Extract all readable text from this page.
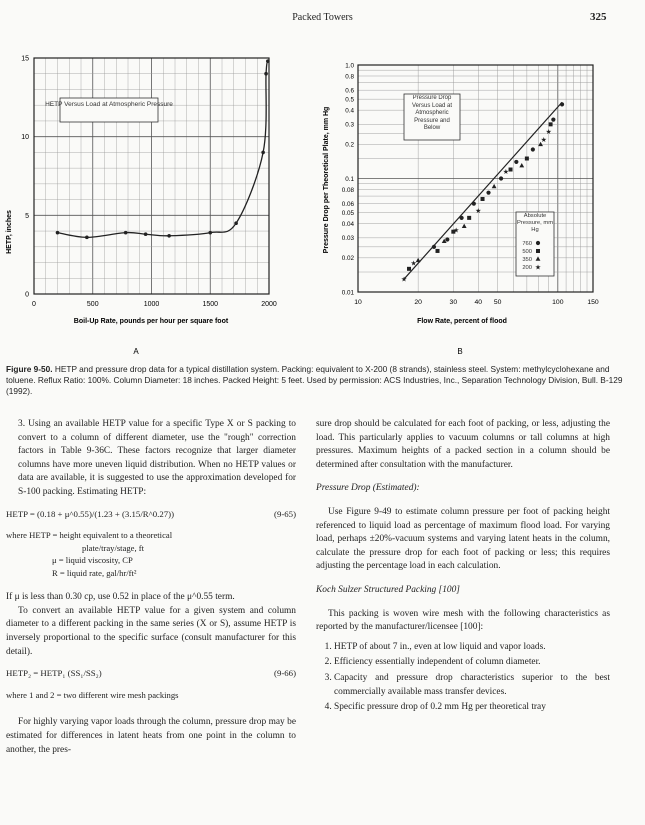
Packed Towers	325
HETP Versus Load at Atmospheric Pressure
0	500	1000	1500	2000
0
5
10
15
HETP, inches
Boil-Up Rate, pounds per hour per square foot
A
Pressure Drop Versus Load at Atmospheric Pressure and Below
Absolute Pressure, mm Hg
760
500
350
200 ★
★
★
★
★
★
★
★
10	20	30	40 50	100	150
0.01
0.02
0.03
0.04
0.05
0.06
0.08
0.1
0.2
0.3
0.4
0.5
0.6
0.8
1.0
Pressure Drop per Theoretical Plate, mm Hg
Flow Rate, percent of flood
B
Figure 9-50. HETP and pressure drop data for a typical distillation system. Packing: equivalent to X-200 (8 strands), stainless steel. System: methylcyclohexane and toluene. Reflux Ratio: 100%. Column Diameter: 18 inches. Packed Height: 5 feet. Used by permission: ACS Industries, Inc., Separation Technology Division, Bull. B-129 (1992).

3. Using an available HETP value for a specific Type X or S packing to convert to a column of different diameter, use the "rough" correction factors in Table 9-36C. These factors recognize that larger diameter columns have more uneven liquid distribution. When no HETP values or data are available, it is suggested to use the approximation developed for S-100 packing. Estimating HETP:

HETP = (0.18 + μ^0.55)/(1.23 + (3.15/R^0.27))	(9-65)
where HETP = height equivalent to a theoretical
plate/tray/stage, ft
μ = liquid viscosity, CP
R = liquid rate, gal/hr/ft²

If μ is less than 0.30 cp, use 0.52 in place of the μ^0.55 term.

To convert an available HETP value for a given system and column diameter to a different packing in the same series (X or S), assume HETP is inversely proportional to the specific surface (consult manufacturer for this detail).

HETP₂ = HETP₁ (SS₁/SS₂)	(9-66)

where 1 and 2 = two different wire mesh packings

For highly varying vapor loads through the column, pressure drop may be estimated for differences in latent heats from one point in the column to another, the pres-

sure drop should be calculated for each foot of packing, or less, adjusting the load. This particularly applies to vacuum columns or tall columns at high pressures. Maximum heights of a packed section in a column should be determined after consultation with the manufacturer.

Pressure Drop (Estimated):

Use Figure 9-49 to estimate column pressure per foot of packing height referenced to liquid load as percentage of maximum flood load. For varying load, perhaps ±20%-vacuum systems and varying latent heats in the column, calculate the pressure drop for each foot of packing or less; this requires adjusting the percentage load in each calculation.

Koch Sulzer Structured Packing [100]

This packing is woven wire mesh with the following characteristics as reported by the manufacturer/licensee [100]:

1. HETP of about 7 in., even at low liquid and vapor loads.
2. Efficiency essentially independent of column diameter.
3. Capacity and pressure drop characteristics superior to the best commercially available mass transfer devices.
4. Specific pressure drop of 0.2 mm Hg per theoretical tray
